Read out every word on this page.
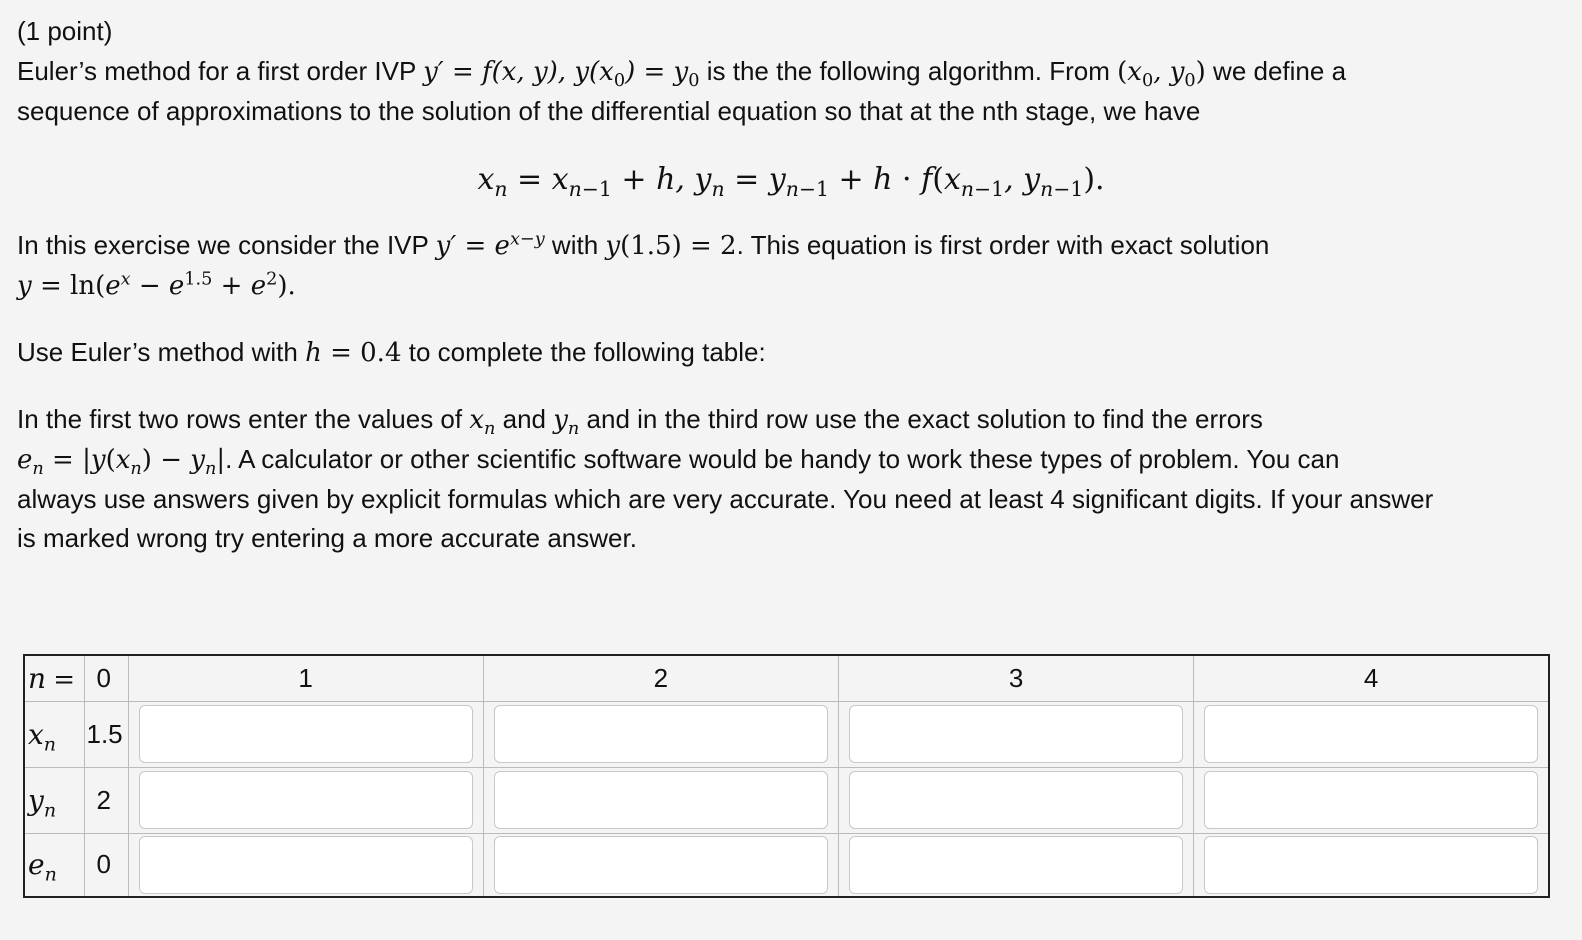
(1 point)
Euler’s method for a first order IVP y′ = f(x, y), $y(x_0) = y_0$ is the the following algorithm. From ($x_0$, $y_0$) we define a
sequence of approximations to the solution of the differential equation so that at the nth stage, we have
$x_n = x_{n-1} + h$, $y_n = y_{n-1} + h \cdot f(x_{n-1}$, $y_{n-1}$).
In this exercise we consider the IVP $y' = e^{x-y}$ with y(1.5) = 2. This equation is first order with exact solution
$y = \ln(e^x - e^{1.5} + e^2)$.
Use Euler’s method with h = 0.4 to complete the following table:
In the first two rows enter the values of $x_n$ and $y_n$ and in the third row use the exact solution to find the errors
$e_n = |y(x_n) - y_n|$. A calculator or other scientific software would be handy to work these types of problem. You can
always use answers given by explicit formulas which are very accurate. You need at least 4 significant digits. If your answer
is marked wrong try entering a more accurate answer.
n =	0	1	2	3	4
$x_n$	1.5	

$y_n$	2	

$e_n$	0	
